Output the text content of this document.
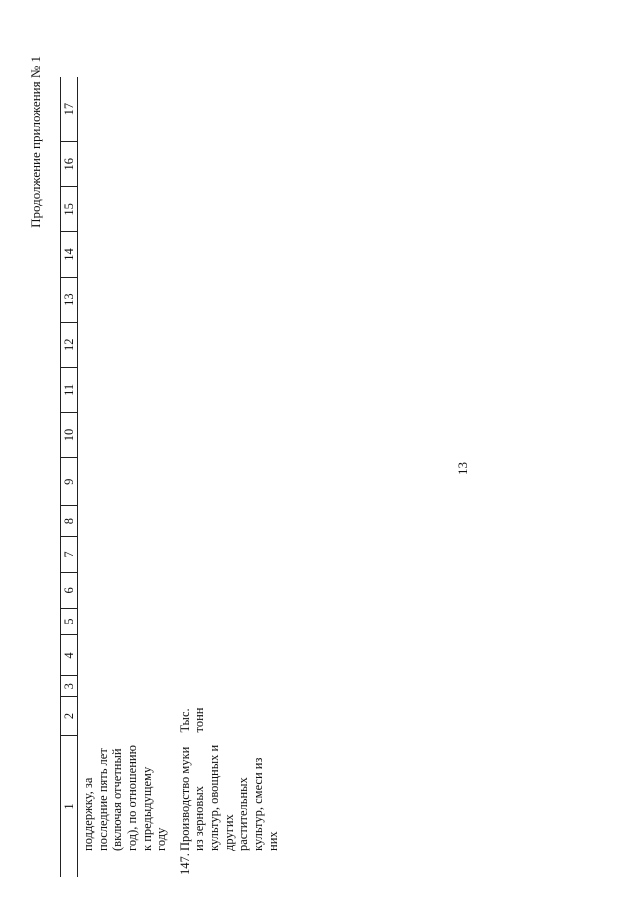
13
Продолжение приложения № 1
1	2	3	4	5	6	7	8	9	10	11	12	13	14	15	16	17
поддержку, за последние пять лет (включая отчетный год), по отношению к предыдущему году																
147.Производство муки из зерновых культур, овощных и других растительных культур, смеси из них	Тыс. тонн															
